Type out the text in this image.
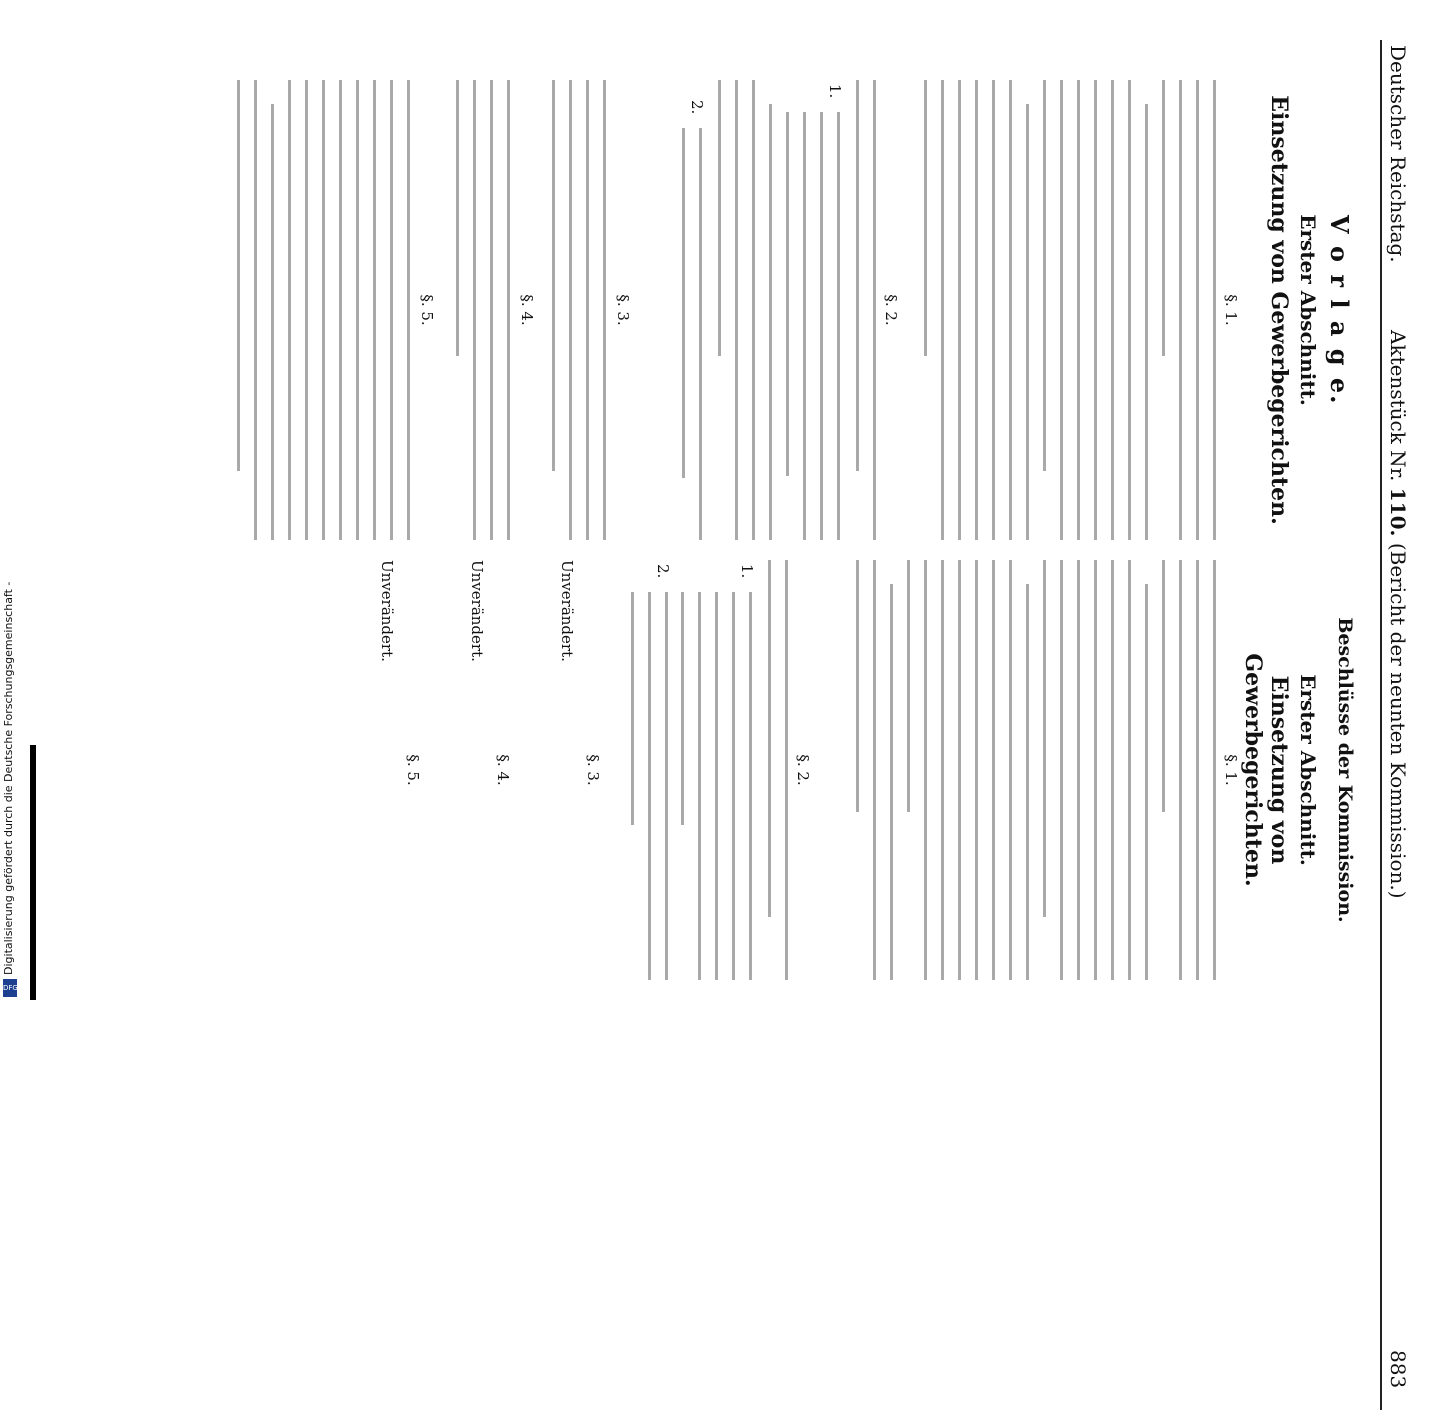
Deutscher Reichstag.
Aktenstück Nr. 110. (Bericht der neunten Kommission.)
883
V o r l a g e.
Erster Abschnitt.
Einsetzung von Gewerbegerichten.
§. 1.
§. 2.
1.
2.
§. 3.
§. 4.
§. 5.
Beschlüsse der Kommission.
Erster Abschnitt.
Einsetzung von Gewerbegerichten.
§. 1.
§. 2.
1.
2.
§. 3.
Unverändert.
§. 4.
Unverändert.
§. 5.
Unverändert.
Digitalisierung gefördert durch die Deutsche Forschungsgemeinschaft -
DFG
